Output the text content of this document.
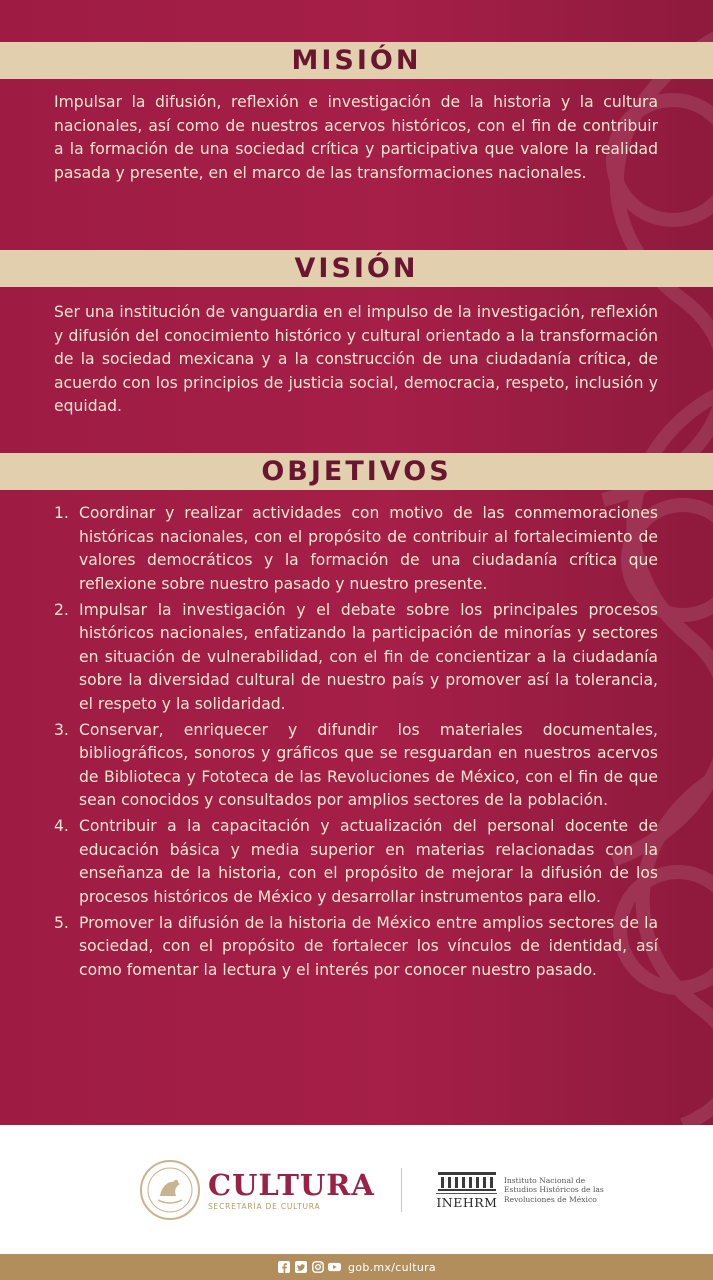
MISIÓN

Impulsar la difusión, reflexión e investigación de la historia y la cultura nacionales, así como de nuestros acervos históricos, con el fin de contribuir a la formación de una sociedad crítica y participativa que valore la realidad pasada y presente, en el marco de las transformaciones nacionales.

VISIÓN

Ser una institución de vanguardia en el impulso de la investigación, reflexión y difusión del conocimiento histórico y cultural orientado a la transformación de la sociedad mexicana y a la construcción de una ciudadanía crítica, de acuerdo con los principios de justicia social, democracia, respeto, inclusión y equidad.

OBJETIVOS
1. Coordinar y realizar actividades con motivo de las conmemoraciones históricas nacionales, con el propósito de contribuir al fortalecimiento de valores democráticos y la formación de una ciudadanía crítica que reflexione sobre nuestro pasado y nuestro presente.
2. Impulsar la investigación y el debate sobre los principales procesos históricos nacionales, enfatizando la participación de minorías y sectores en situación de vulnerabilidad, con el fin de concientizar a la ciudadanía sobre la diversidad cultural de nuestro país y promover así la tolerancia, el respeto y la solidaridad.
3. Conservar, enriquecer y difundir los materiales documentales, bibliográficos, sonoros y gráficos que se resguardan en nuestros acervos de Biblioteca y Fototeca de las Revoluciones de México, con el fin de que sean conocidos y consultados por amplios sectores de la población.
4. Contribuir a la capacitación y actualización del personal docente de educación básica y media superior en materias relacionadas con la enseñanza de la historia, con el propósito de mejorar la difusión de los procesos históricos de México y desarrollar instrumentos para ello.
5. Promover la difusión de la historia de México entre amplios sectores de la sociedad, con el propósito de fortalecer los vínculos de identidad, así como fomentar la lectura y el interés por conocer nuestro pasado.
CULTURA
SECRETARÍA DE CULTURA	INEHRM
Instituto Nacional de
Estudios Históricos de las
Revoluciones de México
gob.mx/cultura
